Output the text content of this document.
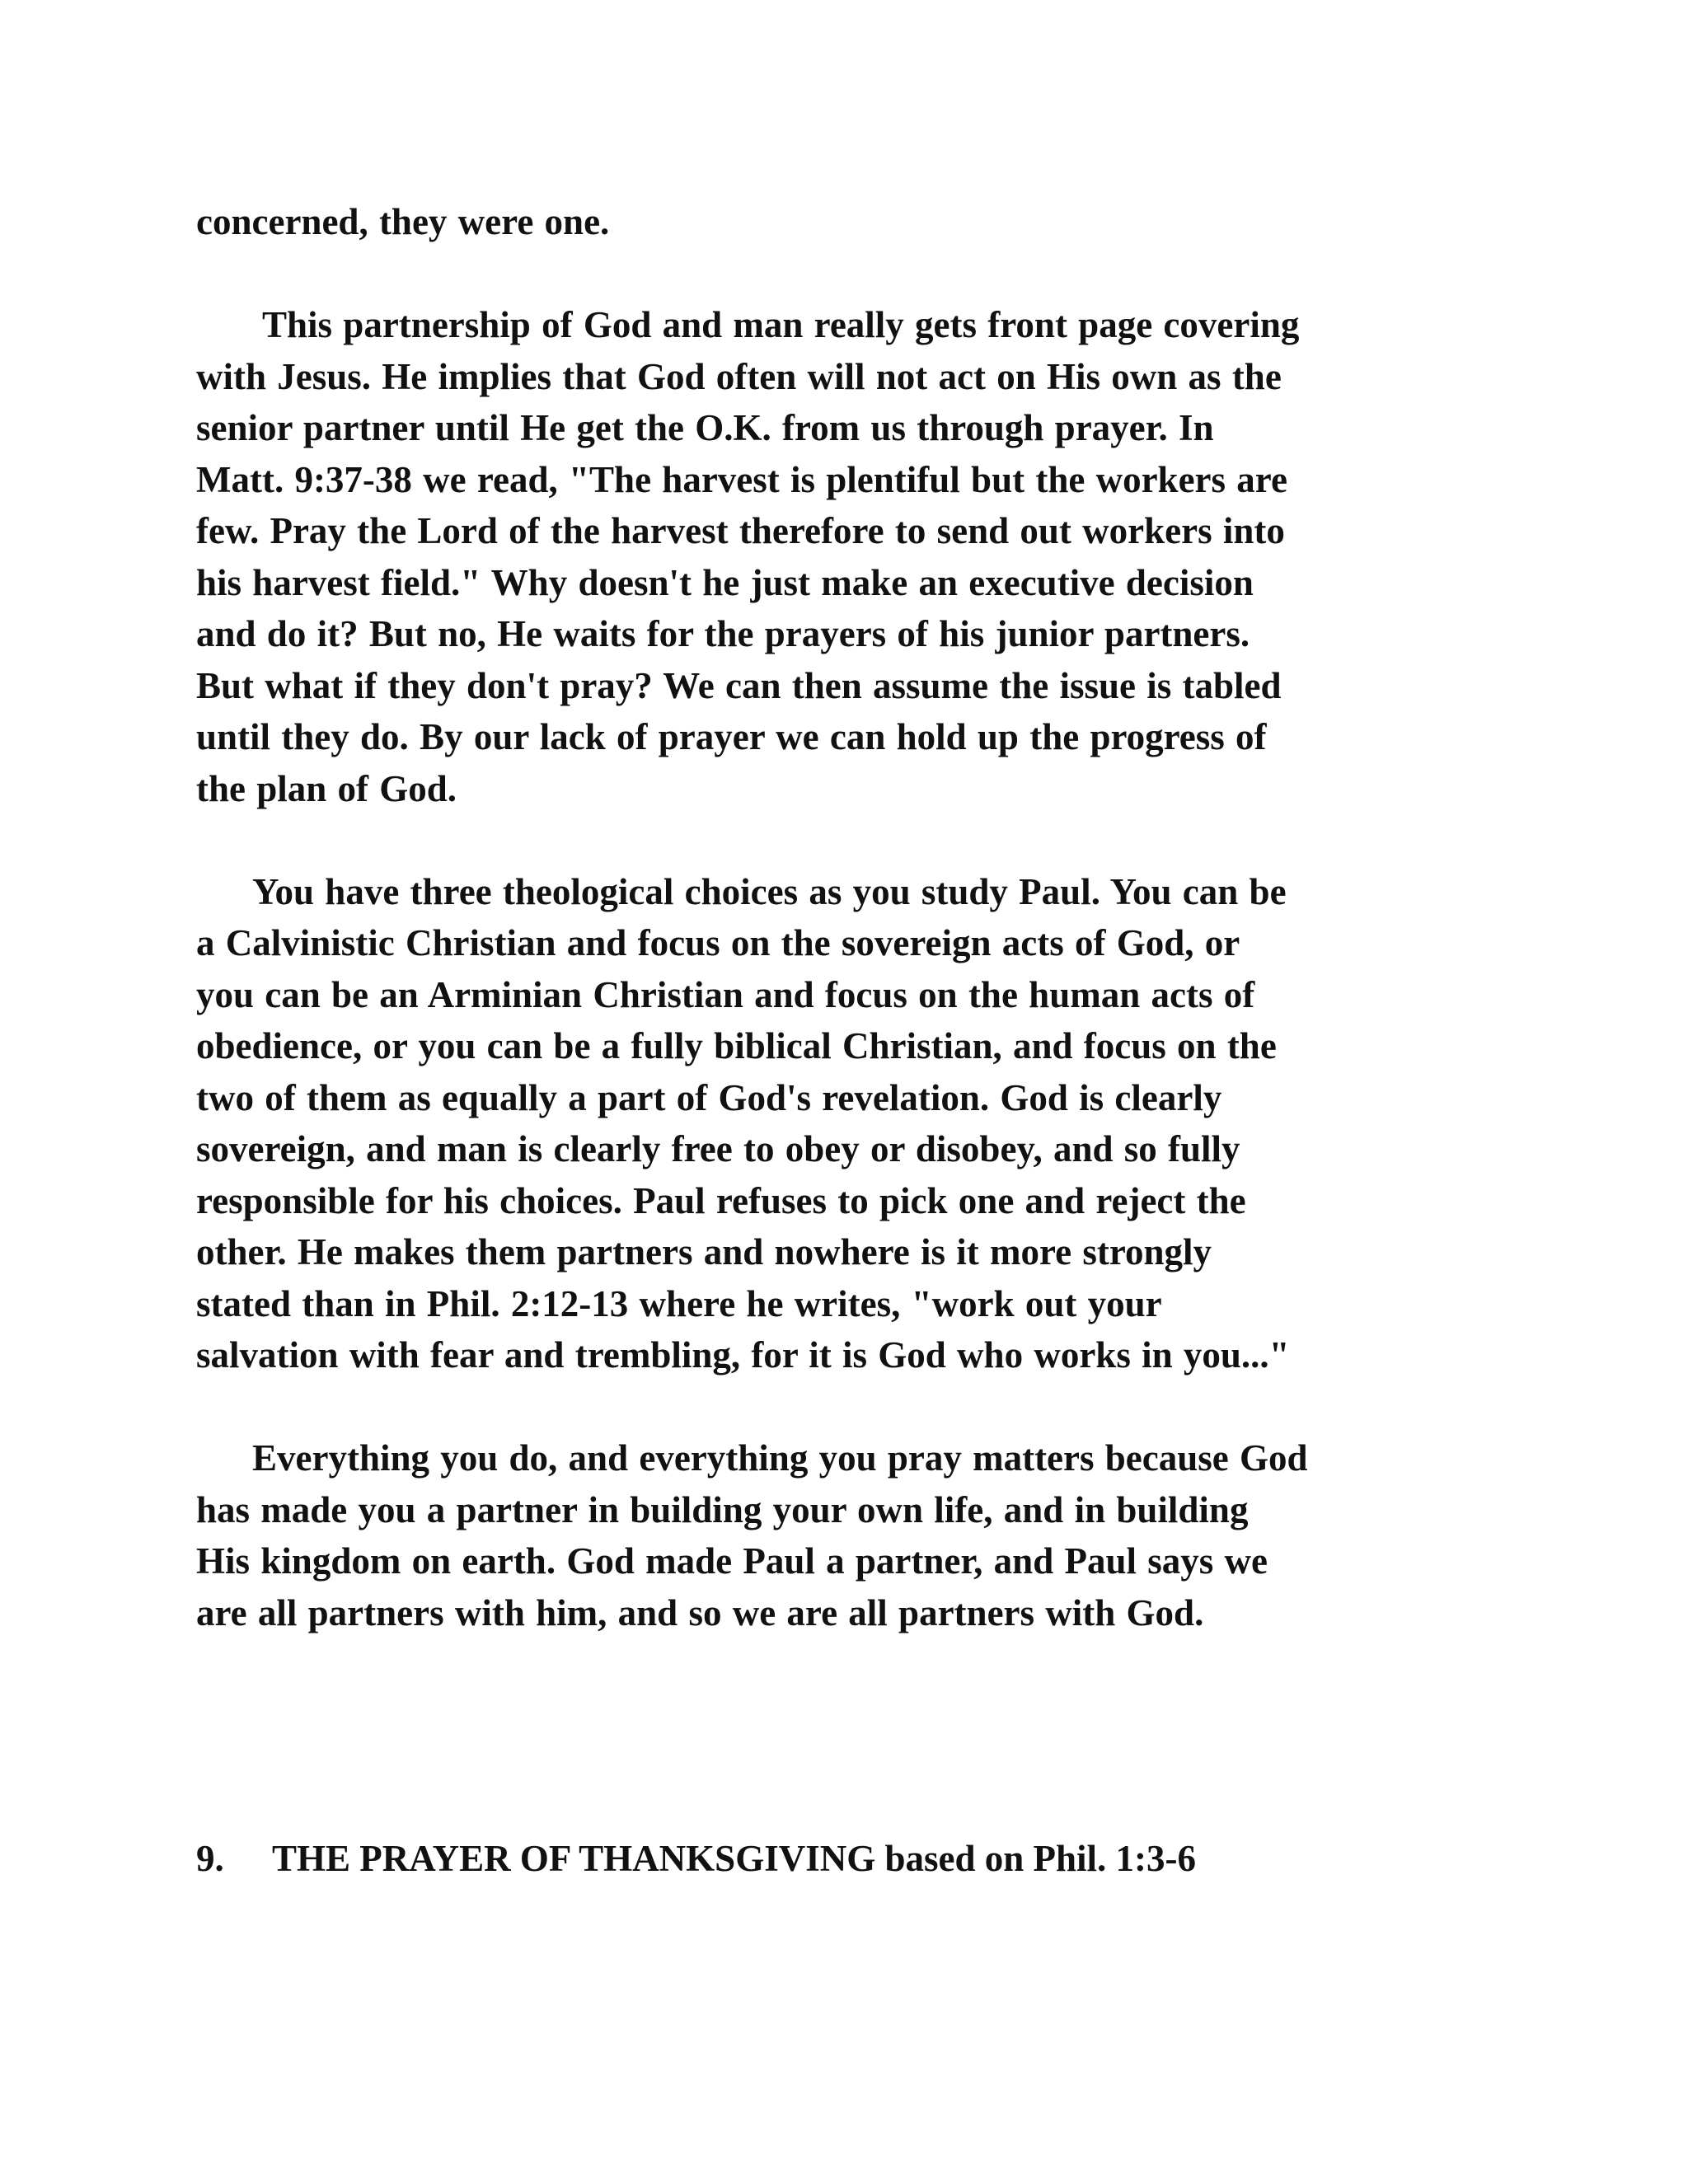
concerned, they were one.
This partnership of God and man really gets front page covering
with Jesus. He implies that God often will not act on His own as the
senior partner until He get the O.K. from us through prayer. In
Matt. 9:37-38 we read, "The harvest is plentiful but the workers are
few. Pray the Lord of the harvest therefore to send out workers into
his harvest field." Why doesn't he just make an executive decision
and do it? But no, He waits for the prayers of his junior partners.
But what if they don't pray? We can then assume the issue is tabled
until they do. By our lack of prayer we can hold up the progress of
the plan of God.
You have three theological choices as you study Paul. You can be
a Calvinistic Christian and focus on the sovereign acts of God, or
you can be an Arminian Christian and focus on the human acts of
obedience, or you can be a fully biblical Christian, and focus on the
two of them as equally a part of God's revelation. God is clearly
sovereign, and man is clearly free to obey or disobey, and so fully
responsible for his choices. Paul refuses to pick one and reject the
other. He makes them partners and nowhere is it more strongly
stated than in Phil. 2:12-13 where he writes, "work out your
salvation with fear and trembling, for it is God who works in you..."
Everything you do, and everything you pray matters because God
has made you a partner in building your own life, and in building
His kingdom on earth. God made Paul a partner, and Paul says we
are all partners with him, and so we are all partners with God.
9. THE PRAYER OF THANKSGIVING based on Phil. 1:3-6
